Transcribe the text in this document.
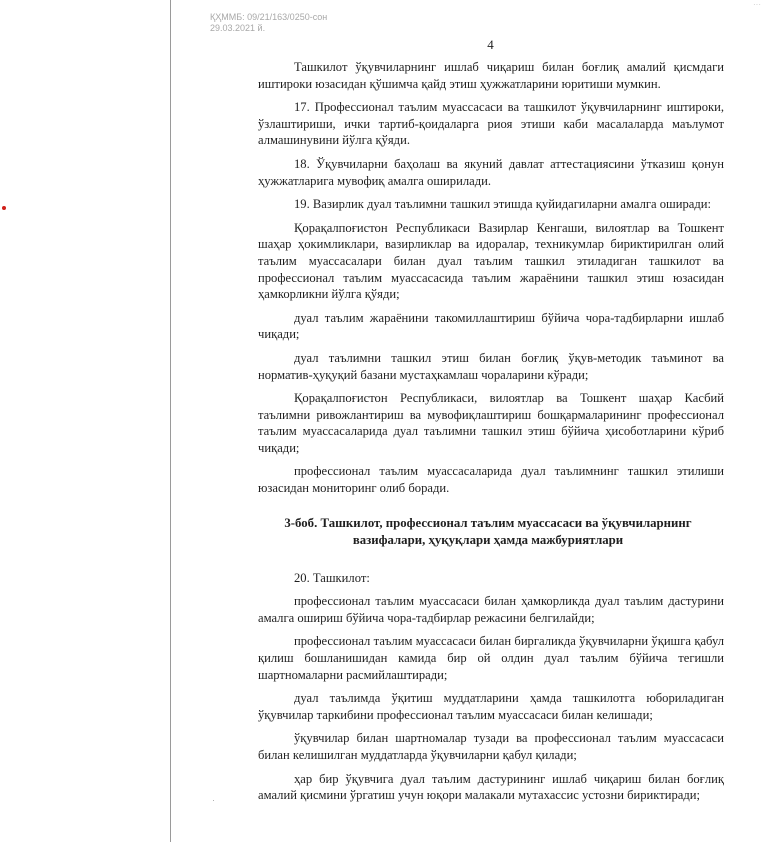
···
ҚҲММБ: 09/21/163/0250-сон
29.03.2021 й.
4

Ташкилот ўқувчиларнинг ишлаб чиқариш билан боғлиқ амалий қисмдаги иштироки юзасидан қўшимча қайд этиш ҳужжатларини юритиши мумкин.

17. Профессионал таълим муассасаси ва ташкилот ўқувчиларнинг иштироки, ўзлаштириши, ички тартиб-қоидаларга риоя этиши каби масалаларда маълумот алмашинувини йўлга қўяди.

18. Ўқувчиларни баҳолаш ва якуний давлат аттестациясини ўтказиш қонун ҳужжатларига мувофиқ амалга оширилади.

19. Вазирлик дуал таълимни ташкил этишда қуйидагиларни амалга оширади:

Қорақалпоғистон Республикаси Вазирлар Кенгаши, вилоятлар ва Тошкент шаҳар ҳокимликлари, вазирликлар ва идоралар, техникумлар бириктирилган олий таълим муассасалари билан дуал таълим ташкил этиладиган ташкилот ва профессионал таълим муассасасида таълим жараёнини ташкил этиш юзасидан ҳамкорликни йўлга қўяди;

дуал таълим жараёнини такомиллаштириш бўйича чора-тадбирларни ишлаб чиқади;

дуал таълимни ташкил этиш билан боғлиқ ўқув-методик таъминот ва норматив-ҳуқуқий базани мустаҳкамлаш чораларини кўради;

Қорақалпоғистон Республикаси, вилоятлар ва Тошкент шаҳар Касбий таълимни ривожлантириш ва мувофиқлаштириш бошқармаларининг профессионал таълим муассасаларида дуал таълимни ташкил этиш бўйича ҳисоботларини кўриб чиқади;

профессионал таълим муассасаларида дуал таълимнинг ташкил этилиши юзасидан мониторинг олиб боради.

3-боб. Ташкилот, профессионал таълим муассасаси ва ўқувчиларнинг вазифалари, ҳуқуқлари ҳамда мажбуриятлари

20. Ташкилот:

профессионал таълим муассасаси билан ҳамкорликда дуал таълим дастурини амалга ошириш бўйича чора-тадбирлар режасини белгилайди;

профессионал таълим муассасаси билан биргаликда ўқувчиларни ўқишга қабул қилиш бошланишидан камида бир ой олдин дуал таълим бўйича тегишли шартномаларни расмийлаштиради;

дуал таълимда ўқитиш муддатларини ҳамда ташкилотга юбориладиган ўқувчилар таркибини профессионал таълим муассасаси билан келишади;

ўқувчилар билан шартномалар тузади ва профессионал таълим муассасаси билан келишилган муддатларда ўқувчиларни қабул қилади;

ҳар бир ўқувчига дуал таълим дастурининг ишлаб чиқариш билан боғлиқ амалий қисмини ўргатиш учун юқори малакали мутахассис устозни бириктиради;
